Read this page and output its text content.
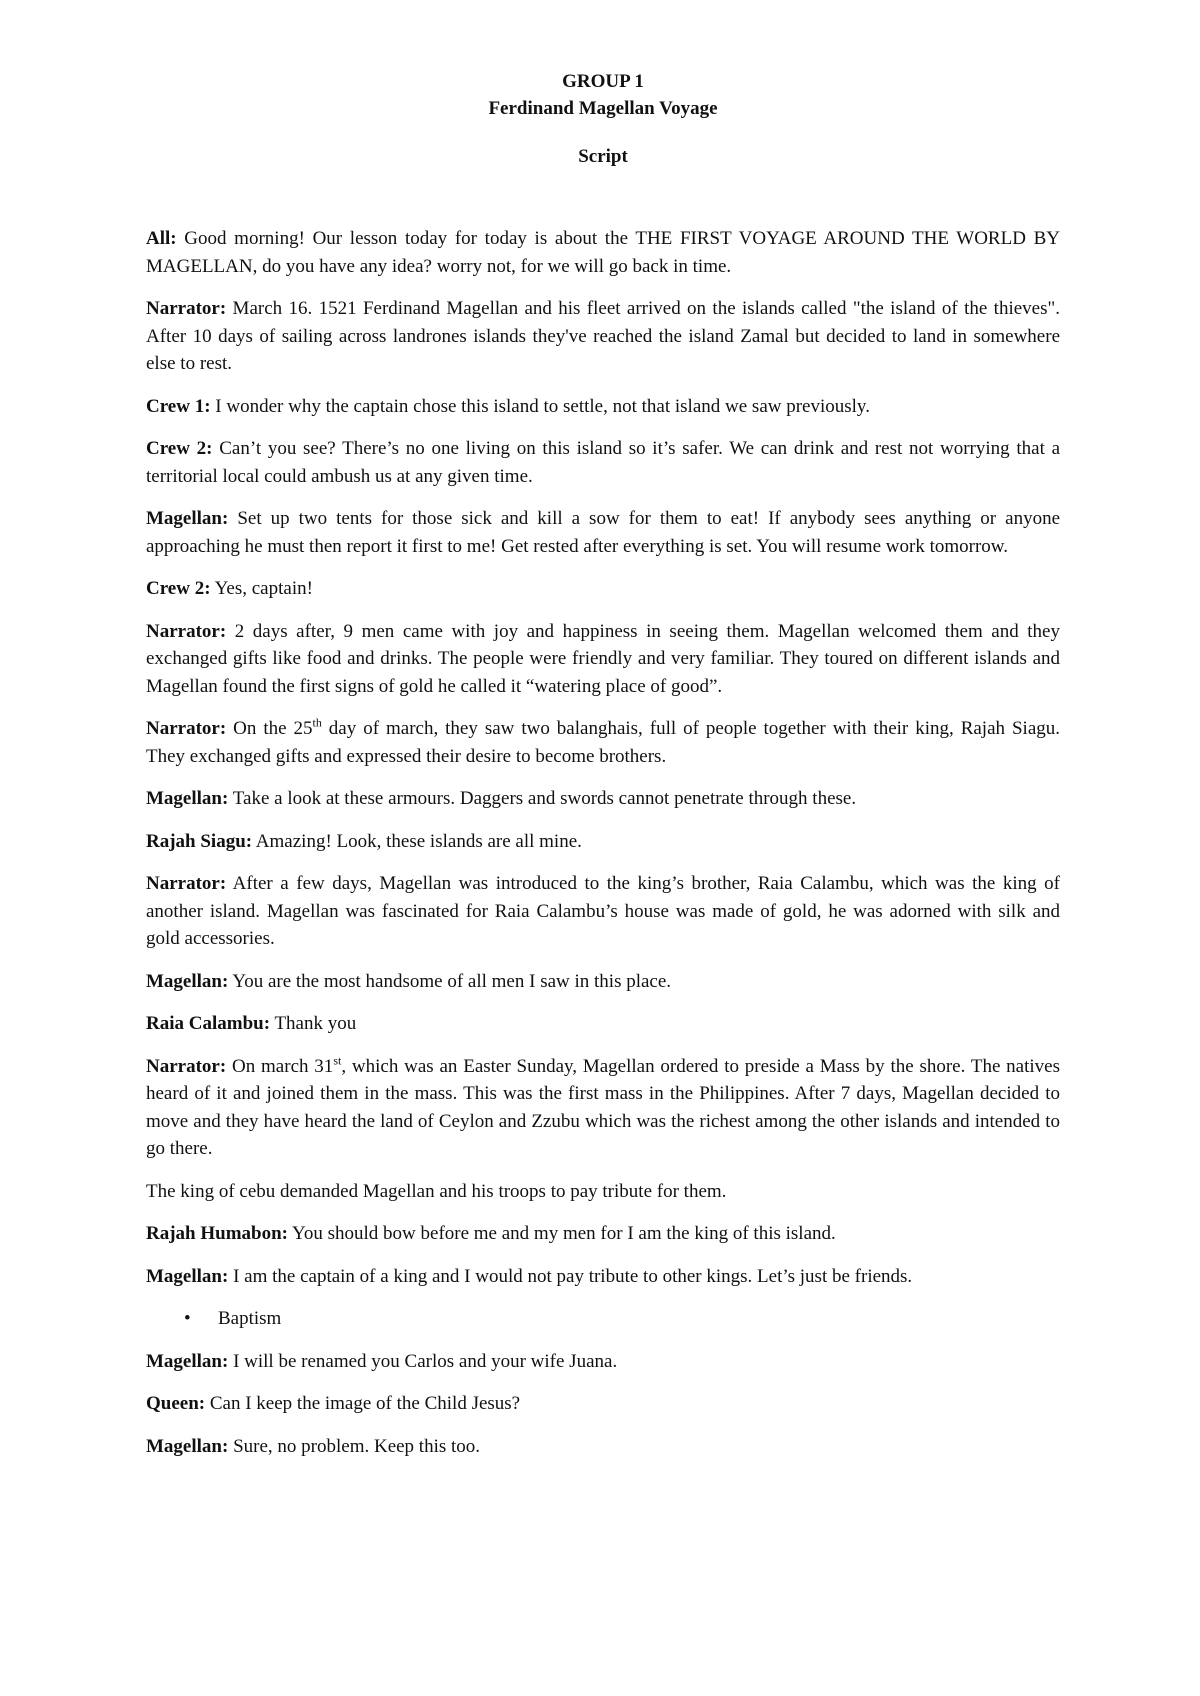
GROUP 1
Ferdinand Magellan Voyage
Script

All: Good morning! Our lesson today for today is about the THE FIRST VOYAGE AROUND THE WORLD BY MAGELLAN, do you have any idea? worry not, for we will go back in time.

Narrator: March 16. 1521 Ferdinand Magellan and his fleet arrived on the islands called "the island of the thieves". After 10 days of sailing across landrones islands they've reached the island Zamal but decided to land in somewhere else to rest.

Crew 1: I wonder why the captain chose this island to settle, not that island we saw previously.

Crew 2: Can’t you see? There’s no one living on this island so it’s safer. We can drink and rest not worrying that a territorial local could ambush us at any given time.

Magellan: Set up two tents for those sick and kill a sow for them to eat! If anybody sees anything or anyone approaching he must then report it first to me! Get rested after everything is set. You will resume work tomorrow.

Crew 2: Yes, captain!

Narrator: 2 days after, 9 men came with joy and happiness in seeing them. Magellan welcomed them and they exchanged gifts like food and drinks. The people were friendly and very familiar. They toured on different islands and Magellan found the first signs of gold he called it “watering place of good”.

Narrator: On the 25th day of march, they saw two balanghais, full of people together with their king, Rajah Siagu. They exchanged gifts and expressed their desire to become brothers.

Magellan: Take a look at these armours. Daggers and swords cannot penetrate through these.

Rajah Siagu: Amazing! Look, these islands are all mine.

Narrator: After a few days, Magellan was introduced to the king’s brother, Raia Calambu, which was the king of another island. Magellan was fascinated for Raia Calambu’s house was made of gold, he was adorned with silk and gold accessories.

Magellan: You are the most handsome of all men I saw in this place.

Raia Calambu: Thank you

Narrator: On march 31st, which was an Easter Sunday, Magellan ordered to preside a Mass by the shore. The natives heard of it and joined them in the mass. This was the first mass in the Philippines. After 7 days, Magellan decided to move and they have heard the land of Ceylon and Zzubu which was the richest among the other islands and intended to go there.

The king of cebu demanded Magellan and his troops to pay tribute for them.

Rajah Humabon: You should bow before me and my men for I am the king of this island.

Magellan: I am the captain of a king and I would not pay tribute to other kings. Let’s just be friends.

• Baptism

Magellan: I will be renamed you Carlos and your wife Juana.

Queen: Can I keep the image of the Child Jesus?

Magellan: Sure, no problem. Keep this too.
